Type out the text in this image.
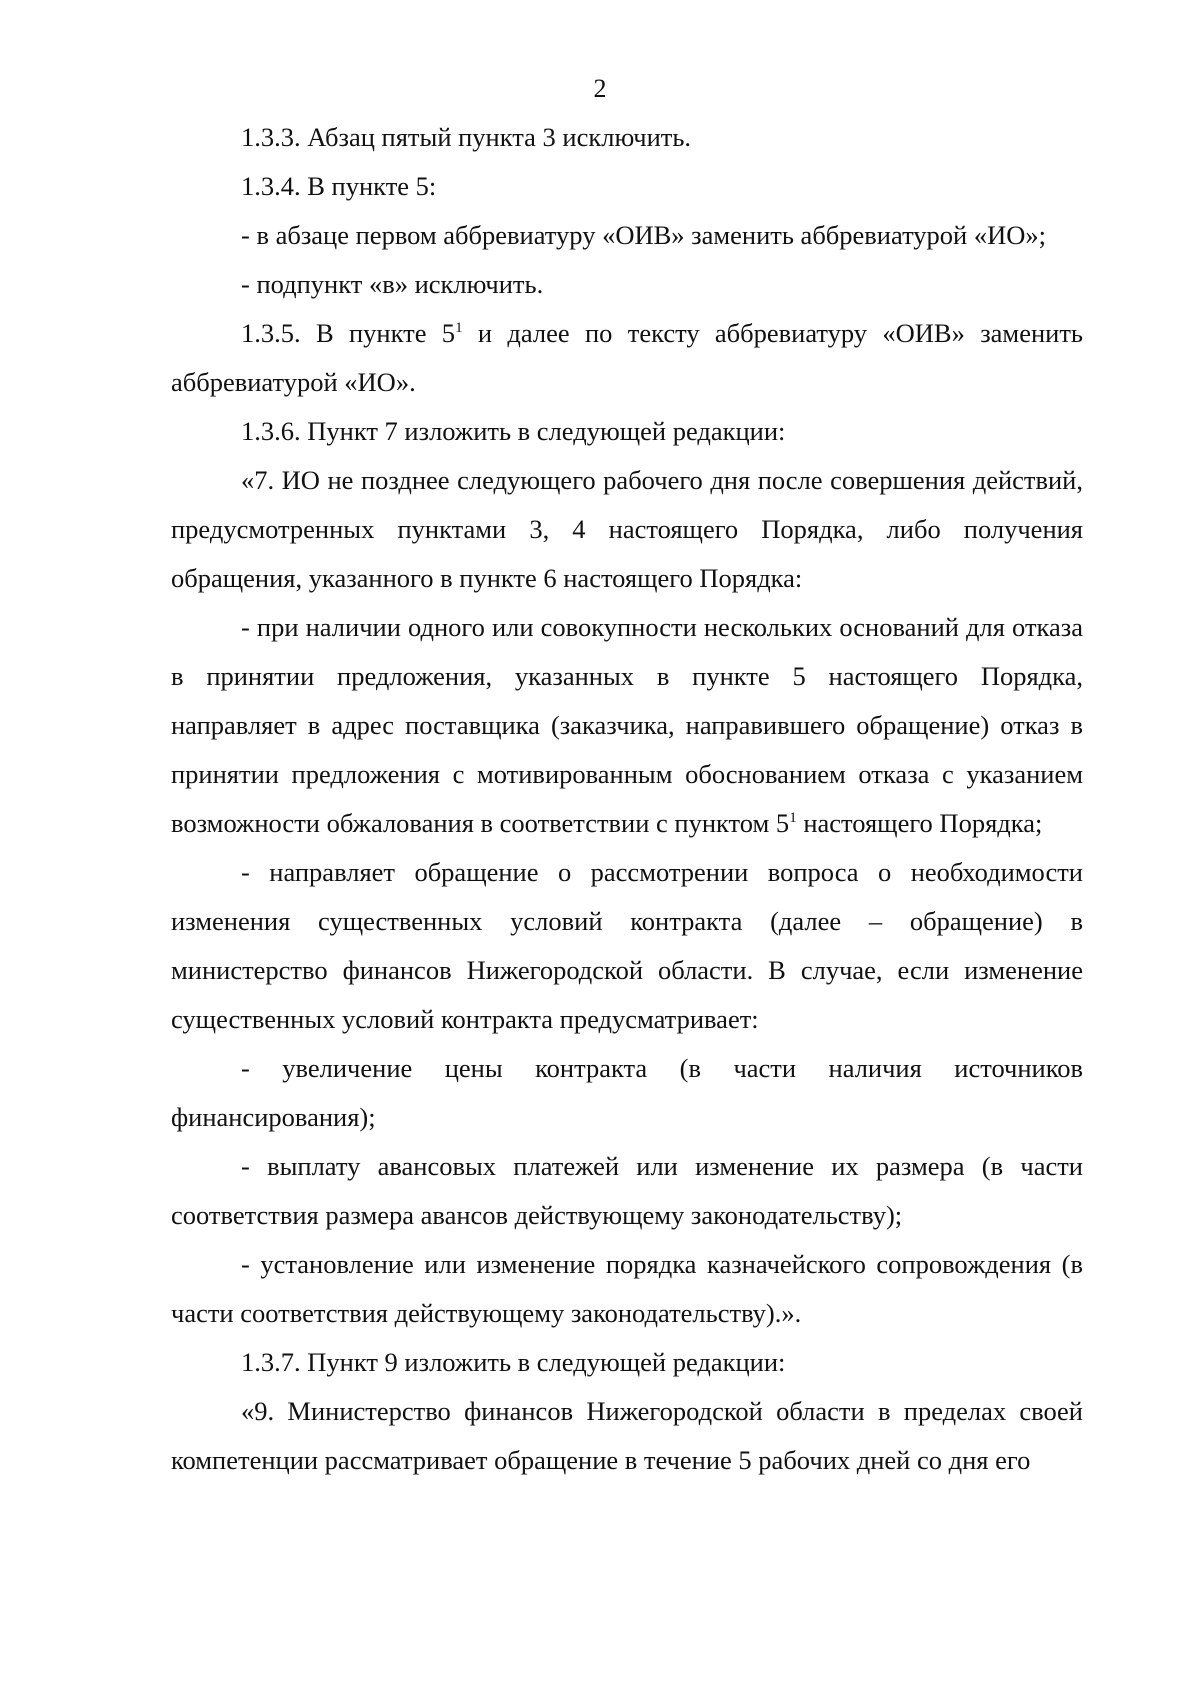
2

1.3.3. Абзац пятый пункта 3 исключить.

1.3.4. В пункте 5:

- в абзаце первом аббревиатуру «ОИВ» заменить аббревиатурой «ИО»;

- подпункт «в» исключить.

1.3.5. В пункте $5^1$ и далее по тексту аббревиатуру «ОИВ» заменить аббревиатурой «ИО».

1.3.6. Пункт 7 изложить в следующей редакции:

«7. ИО не позднее следующего рабочего дня после совершения действий, предусмотренных пунктами 3, 4 настоящего Порядка, либо получения обращения, указанного в пункте 6 настоящего Порядка:

- при наличии одного или совокупности нескольких оснований для отказа в принятии предложения, указанных в пункте 5 настоящего Порядка, направляет в адрес поставщика (заказчика, направившего обращение) отказ в принятии предложения с мотивированным обоснованием отказа с указанием возможности обжалования в соответствии с пунктом $5^1$ настоящего Порядка;

- направляет обращение о рассмотрении вопроса о необходимости изменения существенных условий контракта (далее – обращение) в министерство финансов Нижегородской области. В случае, если изменение существенных условий контракта предусматривает:

- увеличение цены контракта (в части наличия источников финансирования);

- выплату авансовых платежей или изменение их размера (в части соответствия размера авансов действующему законодательству);

- установление или изменение порядка казначейского сопровождения (в части соответствия действующему законодательству).».

1.3.7. Пункт 9 изложить в следующей редакции:

«9. Министерство финансов Нижегородской области в пределах своей компетенции рассматривает обращение в течение 5 рабочих дней со дня его
